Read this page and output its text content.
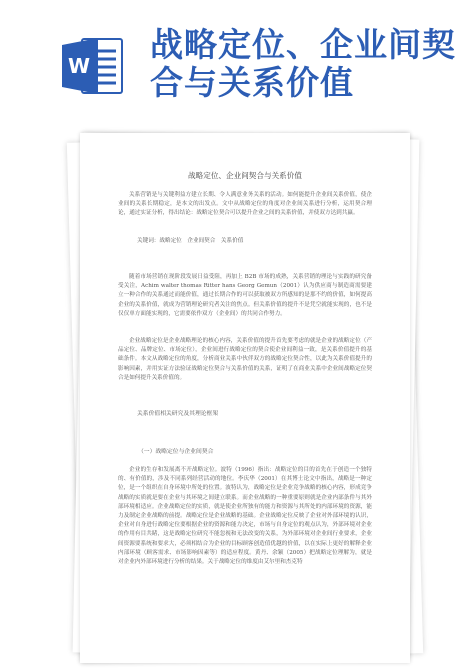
W
战略定位、企业间契合与关系价值
战略定位、企业间契合与关系价值
关系营销是与关键利益方建立长期、令人满意业务关系的活动。如何能提升企业间关系价值，使企业间的关系长期稳定，是本文的出发点。文中从战略定位的角度对企业间关系进行分析，运用契合理论，通过实证分析，得出结论：战略定位契合可以提升企业之间的关系价值，并使双方达到共赢。
关键词：战略定位　企业间契合　关系价值
随着市场营销在现阶段发展日益受阻，再加上 B2B 市场的成熟，关系营销的理论与实践的研究备受关注，Achim walter thomas Ritter hans Georg Gemun（2001）认为供应商与制造商需要建立一种合作的关系通过而能价值，通过长期合作的可以获取被双方所感知的是那不约的价值，如何提高企业的关系价值，就成为营销理论研究者关注的焦点。但关系价值的提升不是凭空就能实现的，也不是仅仅单方面能实现的，它需要依作双方（企业间）的共同合作努力。
企业战略定位是企业战略理论的核心内容，关系价值的提升首先要考虑的就是企业的战略定位（产品定位、品牌定位、市场定位），企业间进行战略定位的契合使企业间利益一致，是关系价值提升的基础条件。本文从战略定位的角度，分析商业关系中伙伴双方的战略定位契合性，以此为关系价值提升的影响因素，并用实证方法验证战略定位契合与关系价值的关系，证明了在商业关系中企业间战略定位契合是如何提升关系价值的。
关系价值相关研究及其理论框架
（一）战略定位与企业间契合
企业的生存和发展离不开战略定位。波特（1996）指出：战略定位的目的首先在于创造一个独特的、有价值的，涉及不同系列经营活动的地位。李庆华（2001）在其博士论文中指出，战略是一种定位，是一个组织在自身环境中所处的位置。波特认为，战略定位是企业竞争战略的核心内容，形成竞争战略的实质就是要在企业与其环境之间建立联系。而企业战略的一种重要原则就是企业内部条件与其外部环境相适应。企业战略定位的实质，就是使企业所独有的能力和资源与其所处的内部环境的资源，能力及制定企业战略的前提。战略定位是企业战略的基础。企业战略定位反映了企业对外部环境的认识，企业对自身进行战略定位要根据企业的资源和能力决定，市场与自身定位的观点认为，外部环境对企业的作用有目共睹，这是战略定位研究不能忽视和无法改变的关系，为外部环境对企业间行业要求，企业间资源要系统和要求大，必须相结合为企业的目标顾客创造值优越的价值，以在实际上更好的解释企业内部环境（顾客需求、市场影响因素等）的适应程度。黄丹、余颖（2005）把战略定位理解为，就是对企业内外部环境进行分析的结果。关于战略定位的维度由艾尔里和杰克特
